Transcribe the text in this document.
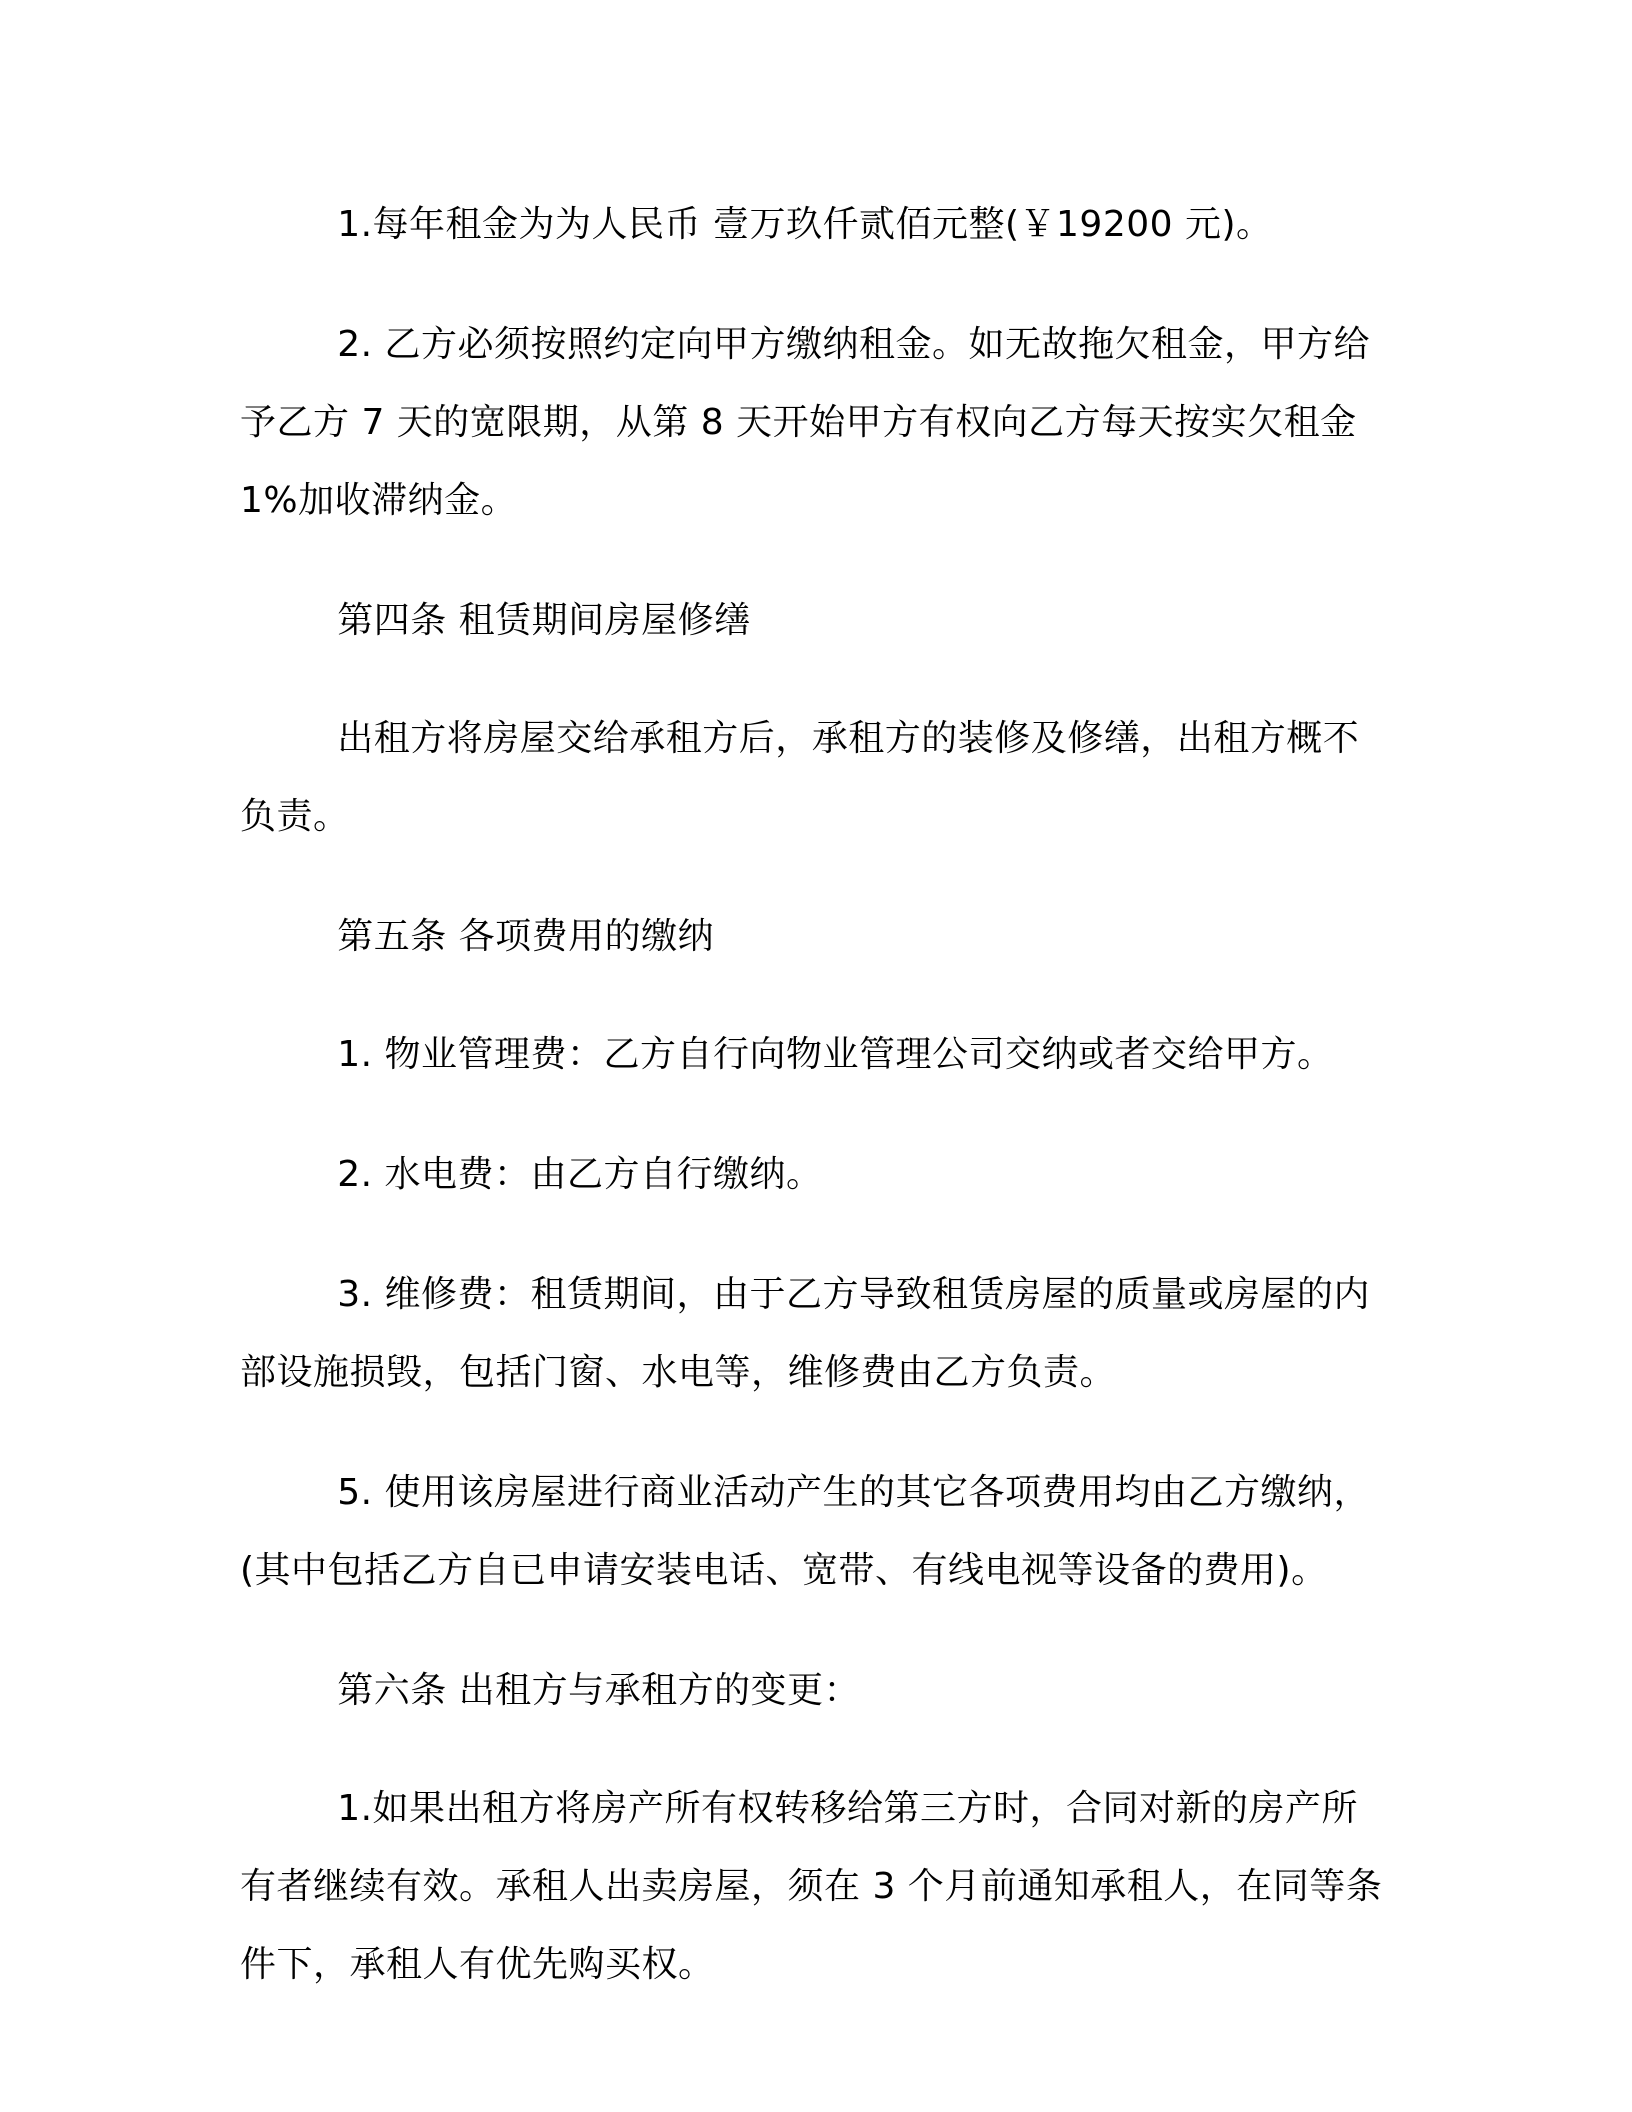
1.每年租金为为人民币 壹万玖仟贰佰元整(￥19200 元)。

2. 乙方必须按照约定向甲方缴纳租金。如无故拖欠租金，甲方给予乙方 7 天的宽限期，从第 8 天开始甲方有权向乙方每天按实欠租金 1%加收滞纳金。

第四条 租赁期间房屋修缮

出租方将房屋交给承租方后，承租方的装修及修缮，出租方概不负责。

第五条 各项费用的缴纳

1. 物业管理费：乙方自行向物业管理公司交纳或者交给甲方。

2. 水电费：由乙方自行缴纳。

3. 维修费：租赁期间，由于乙方导致租赁房屋的质量或房屋的内部设施损毁，包括门窗、水电等，维修费由乙方负责。

5. 使用该房屋进行商业活动产生的其它各项费用均由乙方缴纳，(其中包括乙方自已申请安装电话、宽带、有线电视等设备的费用)。

第六条 出租方与承租方的变更：

1.如果出租方将房产所有权转移给第三方时，合同对新的房产所有者继续有效。承租人出卖房屋，须在 3 个月前通知承租人，在同等条件下，承租人有优先购买权。
